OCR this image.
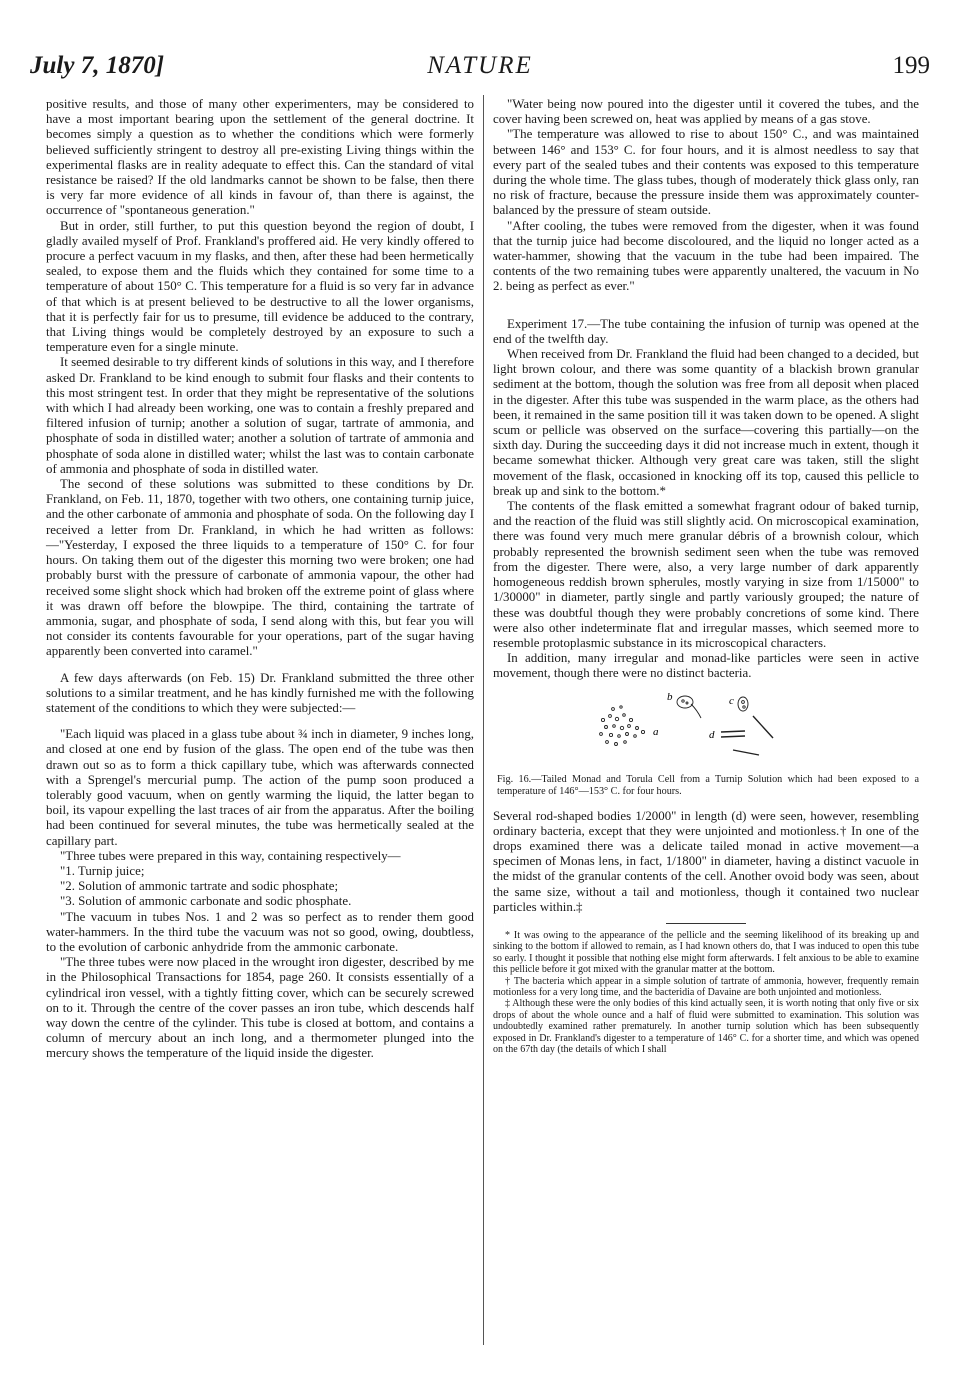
July 7, 1870]	NATURE	199

positive results, and those of many other experimenters, may be considered to have a most important bearing upon the settlement of the general doctrine. It becomes simply a question as to whether the conditions which were formerly believed sufficiently stringent to destroy all pre-existing Living things within the experimental flasks are in reality adequate to effect this. Can the standard of vital resistance be raised? If the old landmarks cannot be shown to be false, then there is very far more evidence of all kinds in favour of, than there is against, the occurrence of "spontaneous generation."

But in order, still further, to put this question beyond the region of doubt, I gladly availed myself of Prof. Frankland's proffered aid. He very kindly offered to procure a perfect vacuum in my flasks, and then, after these had been hermetically sealed, to expose them and the fluids which they contained for some time to a temperature of about 150° C. This temperature for a fluid is so very far in advance of that which is at present believed to be destructive to all the lower organisms, that it is perfectly fair for us to presume, till evidence be adduced to the contrary, that Living things would be completely destroyed by an exposure to such a temperature even for a single minute.

It seemed desirable to try different kinds of solutions in this way, and I therefore asked Dr. Frankland to be kind enough to submit four flasks and their contents to this most stringent test. In order that they might be representative of the solutions with which I had already been working, one was to contain a freshly prepared and filtered infusion of turnip; another a solution of sugar, tartrate of ammonia, and phosphate of soda in distilled water; another a solution of tartrate of ammonia and phosphate of soda alone in distilled water; whilst the last was to contain carbonate of ammonia and phosphate of soda in distilled water.

The second of these solutions was submitted to these conditions by Dr. Frankland, on Feb. 11, 1870, together with two others, one containing turnip juice, and the other carbonate of ammonia and phosphate of soda. On the following day I received a letter from Dr. Frankland, in which he had written as follows:—"Yesterday, I exposed the three liquids to a temperature of 150° C. for four hours. On taking them out of the digester this morning two were broken; one had probably burst with the pressure of carbonate of ammonia vapour, the other had received some slight shock which had broken off the extreme point of glass where it was drawn off before the blowpipe. The third, containing the tartrate of ammonia, sugar, and phosphate of soda, I send along with this, but fear you will not consider its contents favourable for your operations, part of the sugar having apparently been converted into caramel."

A few days afterwards (on Feb. 15) Dr. Frankland submitted the three other solutions to a similar treatment, and he has kindly furnished me with the following statement of the conditions to which they were subjected:—

"Each liquid was placed in a glass tube about ¾ inch in diameter, 9 inches long, and closed at one end by fusion of the glass. The open end of the tube was then drawn out so as to form a thick capillary tube, which was afterwards connected with a Sprengel's mercurial pump. The action of the pump soon produced a tolerably good vacuum, when on gently warming the liquid, the latter began to boil, its vapour expelling the last traces of air from the apparatus. After the boiling had been continued for several minutes, the tube was hermetically sealed at the capillary part.

"Three tubes were prepared in this way, containing respectively—

"1. Turnip juice;

"2. Solution of ammonic tartrate and sodic phosphate;

"3. Solution of ammonic carbonate and sodic phosphate.

"The vacuum in tubes Nos. 1 and 2 was so perfect as to render them good water-hammers. In the third tube the vacuum was not so good, owing, doubtless, to the evolution of carbonic anhydride from the ammonic carbonate.

"The three tubes were now placed in the wrought iron digester, described by me in the Philosophical Transactions for 1854, page 260. It consists essentially of a cylindrical iron vessel, with a tightly fitting cover, which can be securely screwed on to it. Through the centre of the cover passes an iron tube, which descends half way down the centre of the cylinder. This tube is closed at bottom, and contains a column of mercury about an inch long, and a thermometer plunged into the mercury shows the temperature of the liquid inside the digester.

"Water being now poured into the digester until it covered the tubes, and the cover having been screwed on, heat was applied by means of a gas stove.

"The temperature was allowed to rise to about 150° C., and was maintained between 146° and 153° C. for four hours, and it is almost needless to say that every part of the sealed tubes and their contents was exposed to this temperature during the whole time. The glass tubes, though of moderately thick glass only, ran no risk of fracture, because the pressure inside them was approximately counter-balanced by the pressure of steam outside.

"After cooling, the tubes were removed from the digester, when it was found that the turnip juice had become discoloured, and the liquid no longer acted as a water-hammer, showing that the vacuum in the tube had been impaired. The contents of the two remaining tubes were apparently unaltered, the vacuum in No 2. being as perfect as ever."

Experiment 17.—The tube containing the infusion of turnip was opened at the end of the twelfth day.

When received from Dr. Frankland the fluid had been changed to a decided, but light brown colour, and there was some quantity of a blackish brown granular sediment at the bottom, though the solution was free from all deposit when placed in the digester. After this tube was suspended in the warm place, as the others had been, it remained in the same position till it was taken down to be opened. A slight scum or pellicle was observed on the surface—covering this partially—on the sixth day. During the succeeding days it did not increase much in extent, though it became somewhat thicker. Although very great care was taken, still the slight movement of the flask, occasioned in knocking off its top, caused this pellicle to break up and sink to the bottom.*

The contents of the flask emitted a somewhat fragrant odour of baked turnip, and the reaction of the fluid was still slightly acid. On microscopical examination, there was found very much mere granular débris of a brownish colour, which probably represented the brownish sediment seen when the tube was removed from the digester. There were, also, a very large number of dark apparently homogeneous reddish brown spherules, mostly varying in size from 1/15000" to 1/30000" in diameter, partly single and partly variously grouped; the nature of these was doubtful though they were probably concretions of some kind. There were also other indeterminate flat and irregular masses, which seemed more to resemble protoplasmic substance in its microscopical characters.

In addition, many irregular and monad-like particles were seen in active movement, though there were no distinct bacteria.

a
b	c
d

Fig. 16.—Tailed Monad and Torula Cell from a Turnip Solution which had been exposed to a temperature of 146°—153° C. for four hours.

Several rod-shaped bodies 1/2000" in length (d) were seen, however, resembling ordinary bacteria, except that they were unjointed and motionless.† In one of the drops examined there was a delicate tailed monad in active movement—a specimen of Monas lens, in fact, 1/1800" in diameter, having a distinct vacuole in the midst of the granular contents of the cell. Another ovoid body was seen, about the same size, without a tail and motionless, though it contained two nuclear particles within.‡

* It was owing to the appearance of the pellicle and the seeming likelihood of its breaking up and sinking to the bottom if allowed to remain, as I had known others do, that I was induced to open this tube so early. I thought it possible that nothing else might form afterwards. I felt anxious to be able to examine this pellicle before it got mixed with the granular matter at the bottom.

† The bacteria which appear in a simple solution of tartrate of ammonia, however, frequently remain motionless for a very long time, and the bacteridia of Davaine are both unjointed and motionless.

‡ Although these were the only bodies of this kind actually seen, it is worth noting that only five or six drops of about the whole ounce and a half of fluid were submitted to examination. This solution was undoubtedly examined rather prematurely. In another turnip solution which has been subsequently exposed in Dr. Frankland's digester to a temperature of 146° C. for a shorter time, and which was opened on the 67th day (the details of which I shall
